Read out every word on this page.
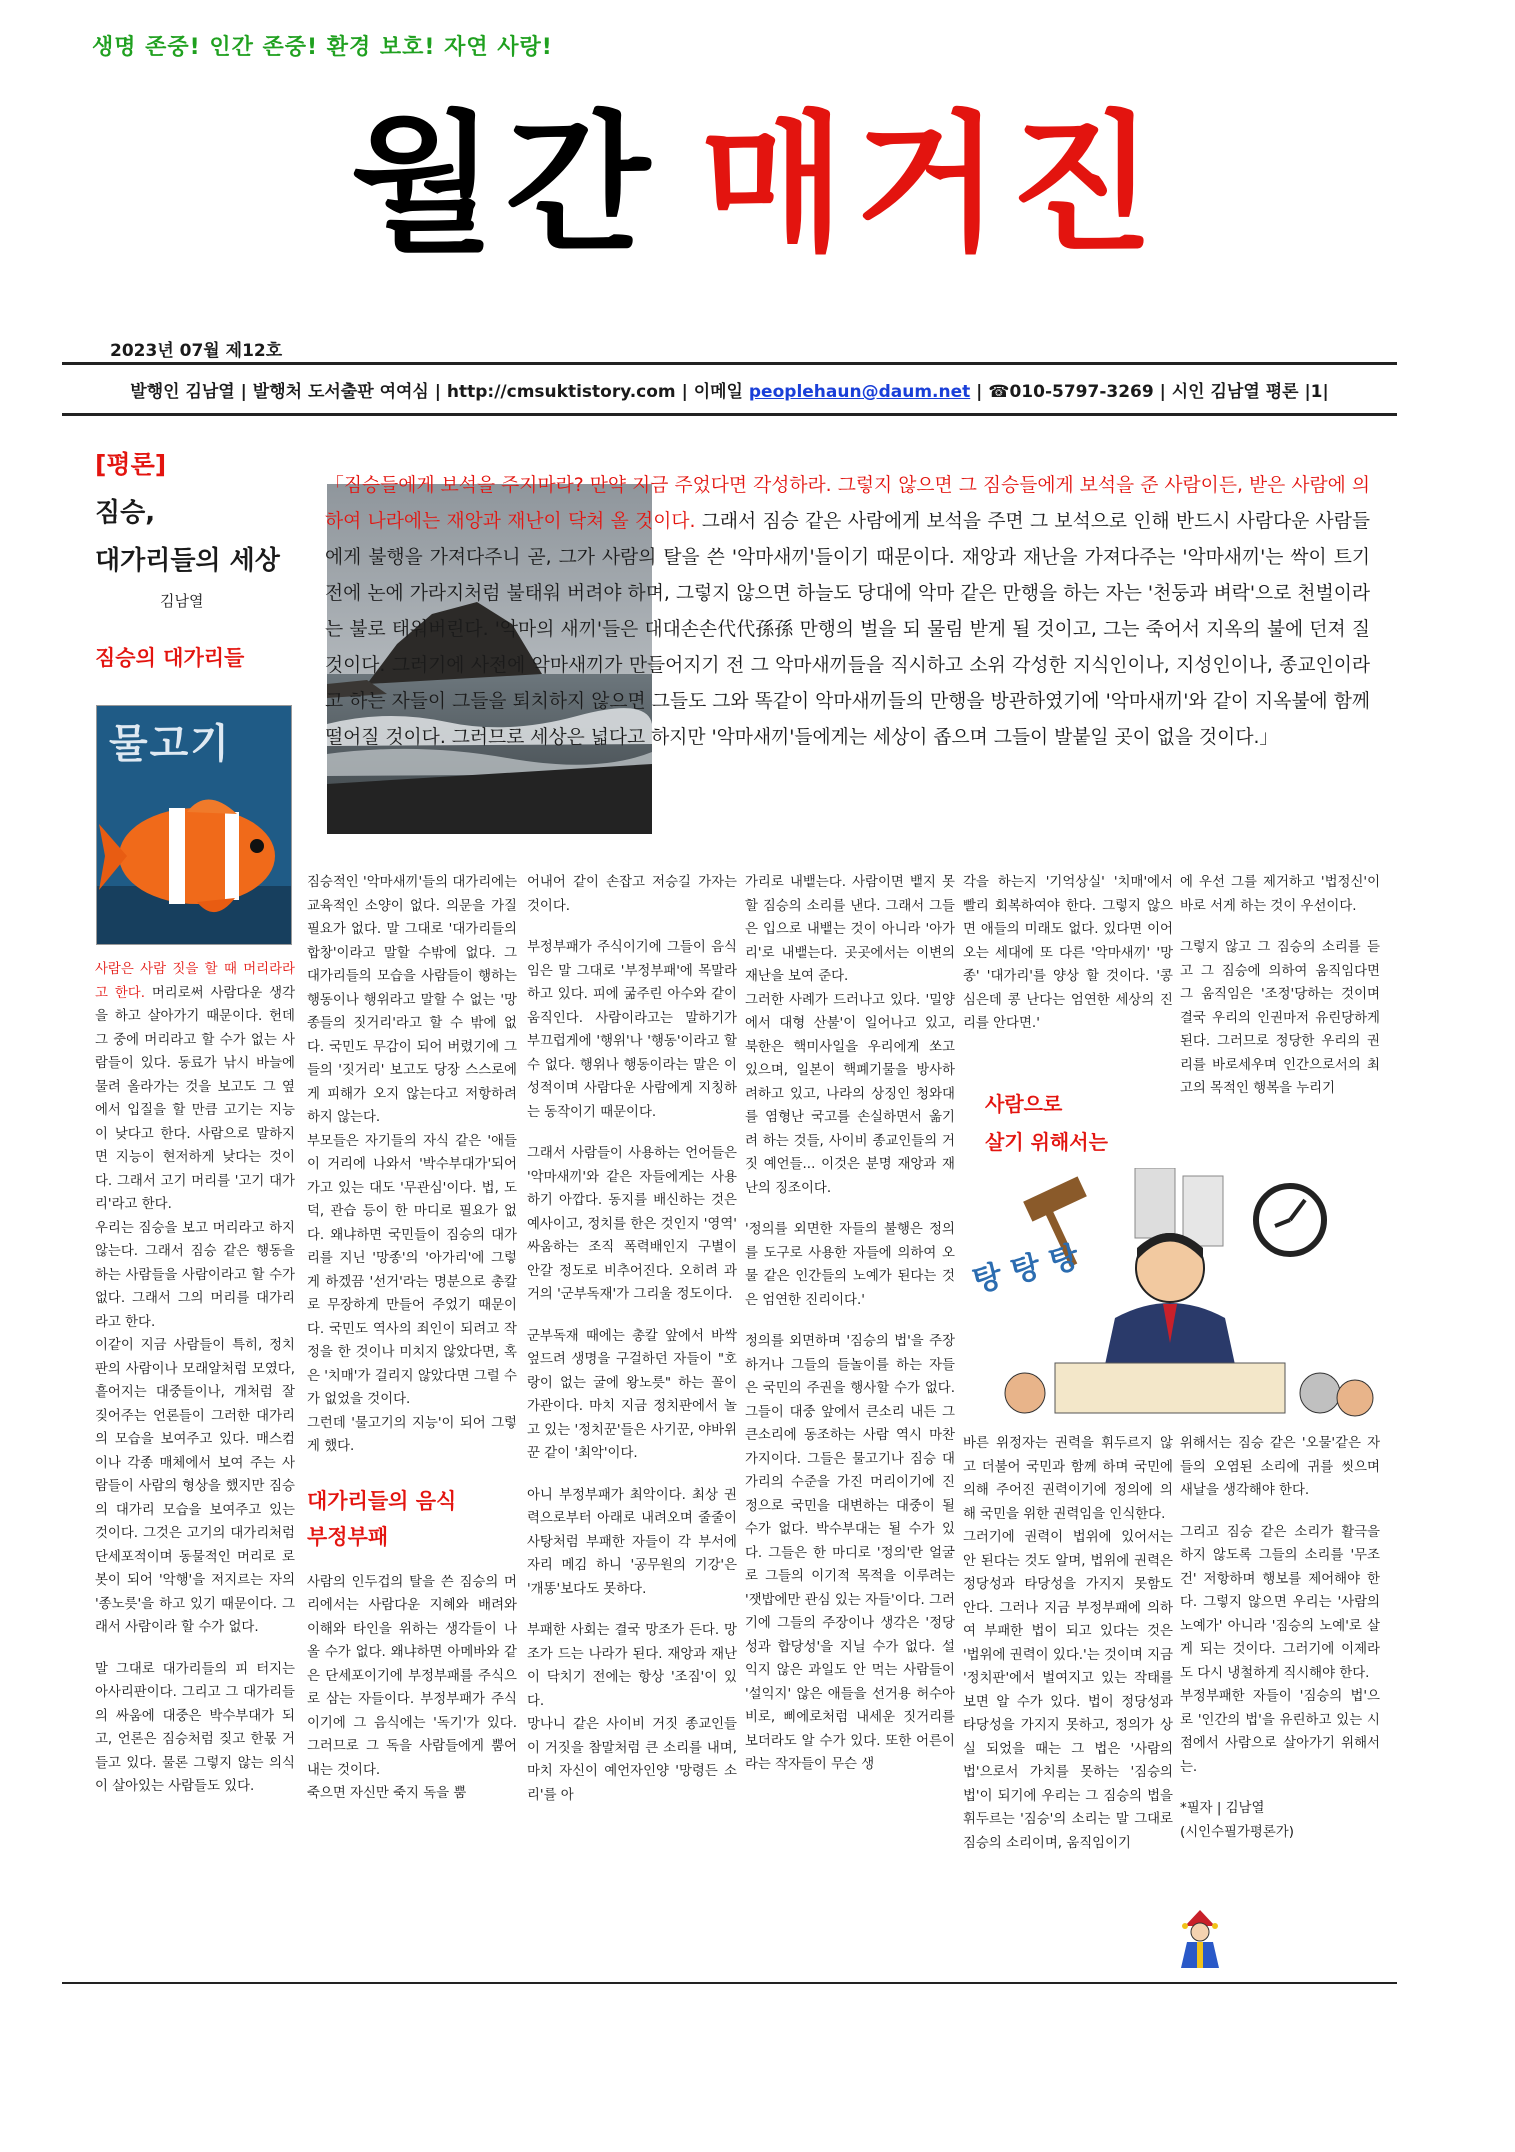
생명 존중! 인간 존중! 환경 보호! 자연 사랑!
월간 매거진
2023년 07월 제12호
발행인 김남열 | 발행처 도서출판 여여심 | http://cmsuktistory.com | 이메일 peoplehaun@daum.net | ☎010-5797-3269 | 시인 김남열 평론 |1|
[평론]
짐승,
대가리들의 세상
김남열
짐승의 대가리들
물고기
「짐승들에게 보석을 주지마라? 만약 지금 주었다면 각성하라. 그렇지 않으면 그 짐승들에게 보석을 준 사람이든, 받은 사람에 의하여 나라에는 재앙과 재난이 닥쳐 올 것이다. 그래서 짐승 같은 사람에게 보석을 주면 그 보석으로 인해 반드시 사람다운 사람들에게 불행을 가져다주니 곧, 그가 사람의 탈을 쓴 '악마새끼'들이기 때문이다. 재앙과 재난을 가져다주는 '악마새끼'는 싹이 트기 전에 논에 가라지처럼 불태워 버려야 하며, 그렇지 않으면 하늘도 당대에 악마 같은 만행을 하는 자는 '천둥과 벼락'으로 천벌이라는 불로 태워버린다. '악마의 새끼'들은 대대손손代代孫孫 만행의 벌을 되 물림 받게 될 것이고, 그는 죽어서 지옥의 불에 던져 질 것이다. 그러기에 사전에 악마새끼가 만들어지기 전 그 악마새끼들을 직시하고 소위 각성한 지식인이나, 지성인이나, 종교인이라고 하는 자들이 그들을 퇴치하지 않으면 그들도 그와 똑같이 악마새끼들의 만행을 방관하였기에 '악마새끼'와 같이 지옥불에 함께 떨어질 것이다. 그러므로 세상은 넓다고 하지만 '악마새끼'들에게는 세상이 좁으며 그들이 발붙일 곳이 없을 것이다.」

사람은 사람 짓을 할 때 머리라라고 한다. 머리로써 사람다운 생각을 하고 살아가기 때문이다. 헌데 그 중에 머리라고 할 수가 없는 사람들이 있다. 동료가 낚시 바늘에 물려 올라가는 것을 보고도 그 옆에서 입질을 할 만큼 고기는 지능이 낮다고 한다. 사람으로 말하지면 지능이 현저하게 낮다는 것이다. 그래서 고기 머리를 '고기 대가리'라고 한다.

우리는 짐승을 보고 머리라고 하지 않는다. 그래서 짐승 같은 행동을 하는 사람들을 사람이라고 할 수가 없다. 그래서 그의 머리를 대가리라고 한다.

이같이 지금 사람들이 특히, 정치판의 사람이나 모래알처럼 모였다, 흩어지는 대중들이나, 개처럼 잘 짖어주는 언론들이 그러한 대가리의 모습을 보여주고 있다. 매스컴이나 각종 매체에서 보여 주는 사람들이 사람의 형상을 했지만 짐승의 대가리 모습을 보여주고 있는 것이다. 그것은 고기의 대가리처럼 단세포적이며 동물적인 머리로 로봇이 되어 '악행'을 저지르는 자의 '종노릇'을 하고 있기 때문이다. 그래서 사람이라 할 수가 없다.

말 그대로 대가리들의 피 터지는 아사리판이다. 그리고 그 대가리들의 싸움에 대중은 박수부대가 되고, 언론은 짐승처럼 짖고 한몫 거들고 있다. 물론 그렇지 않는 의식이 살아있는 사람들도 있다.

짐승적인 '악마새끼'들의 대가리에는 교육적인 소양이 없다. 의문을 가질 필요가 없다. 말 그대로 '대가리들의 합창'이라고 말할 수밖에 없다. 그 대가리들의 모습을 사람들이 행하는 행동이나 행위라고 말할 수 없는 '망종들의 짓거리'라고 할 수 밖에 없다. 국민도 무감이 되어 버렸기에 그들의 '짓거리' 보고도 당장 스스로에게 피해가 오지 않는다고 저항하려 하지 않는다.

부모들은 자기들의 자식 같은 '애들이 거리에 나와서 '박수부대가'되어 가고 있는 대도 '무관심'이다. 법, 도덕, 관습 등이 한 마디로 필요가 없다. 왜냐하면 국민들이 짐승의 대가리를 지닌 '망종'의 '아가리'에 그렇게 하겠끔 '선거'라는 명분으로 총칼로 무장하게 만들어 주었기 때문이다. 국민도 역사의 죄인이 되려고 작정을 한 것이나 미치지 않았다면, 혹은 '치매'가 걸리지 않았다면 그럴 수가 없었을 것이다.

그런데 '물고기의 지능'이 되어 그렇게 했다.

대가리들의 음식
부정부패

사람의 인두겁의 탈을 쓴 짐승의 머리에서는 사람다운 지혜와 배려와 이해와 타인을 위하는 생각들이 나올 수가 없다. 왜냐하면 아메바와 같은 단세포이기에 부정부패를 주식으로 삼는 자들이다. 부정부패가 주식이기에 그 음식에는 '독기'가 있다. 그러므로 그 독을 사람들에게 뿜어내는 것이다.

죽으면 자신만 죽지 독을 뿜

어내어 같이 손잡고 저승길 가자는 것이다.

부정부패가 주식이기에 그들이 음식임은 말 그대로 '부정부패'에 목말라하고 있다. 피에 굶주린 아수와 같이 움직인다. 사람이라고는 말하기가 부끄럽게에 '행위'나 '행동'이라고 할 수 없다. 행위나 행동이라는 말은 이성적이며 사람다운 사람에게 지칭하는 동작이기 때문이다.

그래서 사람들이 사용하는 언어들은 '악마새끼'와 같은 자들에게는 사용하기 아깝다. 동지를 배신하는 것은 예사이고, 정치를 한은 것인지 '영역' 싸움하는 조직 폭력배인지 구별이 안갈 정도로 비추어진다. 오히려 과거의 '군부독재'가 그리울 정도이다.

군부독재 때에는 총칼 앞에서 바싹 엎드려 생명을 구걸하던 자들이 "호랑이 없는 굴에 왕노릇" 하는 꼴이 가관이다. 마치 지금 정치판에서 놀고 있는 '정치꾼'들은 사기꾼, 야바위꾼 같이 '최악'이다.

아니 부정부패가 최악이다. 최상 권력으로부터 아래로 내려오며 줄줄이 사탕처럼 부패한 자들이 각 부서에 자리 메김 하니 '공무원의 기강'은 '개똥'보다도 못하다.

부패한 사회는 결국 망조가 든다. 망조가 드는 나라가 된다. 재앙과 재난이 닥치기 전에는 항상 '조짐'이 있다.

망나니 같은 사이비 거짓 종교인들이 거짓을 참말처럼 큰 소리를 내며, 마치 자신이 예언자인양 '망령든 소리'를 아

가리로 내뱉는다. 사람이면 뱉지 못할 짐승의 소리를 낸다. 그래서 그들은 입으로 내뱉는 것이 아니라 '아가리'로 내뱉는다. 곳곳에서는 이변의 재난을 보여 준다.

그러한 사례가 드러나고 있다. '밀양에서 대형 산불'이 일어나고 있고, 북한은 핵미사일을 우리에게 쏘고 있으며, 일본이 핵폐기물을 방사하려하고 있고, 나라의 상징인 청와대를 염형난 국고를 손실하면서 옮기려 하는 것들, 사이비 종교인들의 거짓 예언들... 이것은 분명 재앙과 재난의 징조이다.

'정의를 외면한 자들의 불행은 정의를 도구로 사용한 자들에 의하여 오물 같은 인간들의 노예가 된다는 것은 엄연한 진리이다.'

정의를 외면하며 '짐승의 법'을 주장하거나 그들의 들놀이를 하는 자들은 국민의 주권을 행사할 수가 없다. 그들이 대중 앞에서 큰소리 내든 그 큰소리에 동조하는 사람 역시 마찬가지이다. 그들은 물고기나 짐승 대가리의 수준을 가진 머리이기에 진정으로 국민을 대변하는 대중이 될 수가 없다. 박수부대는 될 수가 있다. 그들은 한 마디로 '정의'란 얼굴로 그들의 이기적 목적을 이루려는 '잿밥에만 관심 있는 자들'이다. 그러기에 그들의 주장이나 생각은 '정당성과 합당성'을 지닐 수가 없다. 설익지 않은 과일도 안 먹는 사람들이 '설익지' 않은 애들을 선거용 허수아비로, 삐에로처럼 내세운 짓거리를 보더라도 알 수가 있다. 또한 어른이라는 작자들이 무슨 생

각을 하는지 '기억상실' '치매'에서 빨리 회복하여야 한다. 그렇지 않으면 애들의 미래도 없다. 있다면 이어오는 세대에 또 다른 '악마새끼' '망종' '대가리'를 양상 할 것이다. '콩 심은데 콩 난다는 엄연한 세상의 진리를 안다면.'

사람으로
살기 위해서는

에 우선 그를 제거하고 '법정신'이 바로 서게 하는 것이 우선이다.

그렇지 않고 그 짐승의 소리를 듣고 그 짐승에 의하여 움직임다면 그 움직임은 '조정'당하는 것이며 결국 우리의 인권마저 유린당하게 된다. 그러므로 정당한 우리의 권리를 바로세우며 인간으로서의 최고의 목적인 행복을 누리기

탕 탕 탕

바른 위정자는 권력을 휘두르지 않고 더불어 국민과 함께 하며 국민에 의해 주어진 권력이기에 정의에 의해 국민을 위한 권력임을 인식한다.

그러기에 권력이 법위에 있어서는 안 된다는 것도 알며, 법위에 권력은 정당성과 타당성을 가지지 못함도 안다. 그러나 지금 부정부패에 의하여 부패한 법이 되고 있다는 것은 '법위에 권력이 있다.'는 것이며 지금 '정치판'에서 벌여지고 있는 작태를 보면 알 수가 있다. 법이 정당성과 타당성을 가지지 못하고, 정의가 상실 되었을 때는 그 법은 '사람의 법'으로서 가치를 못하는 '짐승의 법'이 되기에 우리는 그 짐승의 법을 휘두르는 '짐승'의 소리는 말 그대로 짐승의 소리이며, 움직임이기

위해서는 짐승 같은 '오물'같은 자들의 오염된 소리에 귀를 씻으며 새날을 생각해야 한다.

그리고 짐승 같은 소리가 활극을 하지 않도록 그들의 소리를 '무조건' 저항하며 행보를 제어해야 한다. 그렇지 않으면 우리는 '사람의 노예가' 아니라 '짐승의 노예'로 살게 되는 것이다. 그러기에 이제라도 다시 냉철하게 직시해야 한다.

부정부패한 자들이 '짐승의 법'으로 '인간의 법'을 유린하고 있는 시점에서 사람으로 살아가기 위해서는.

*필자 | 김남열

(시인수필가평론가)
